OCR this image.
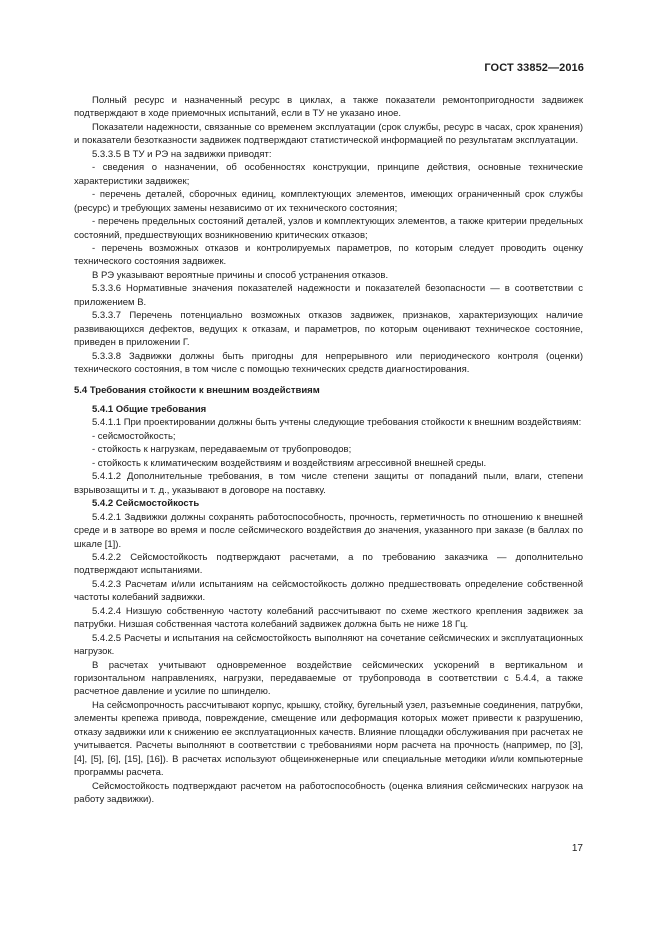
ГОСТ 33852—2016

Полный ресурс и назначенный ресурс в циклах, а также показатели ремонтопригодности задвижек подтверждают в ходе приемочных испытаний, если в ТУ не указано иное.

Показатели надежности, связанные со временем эксплуатации (срок службы, ресурс в часах, срок хранения) и показатели безотказности задвижек подтверждают статистической информацией по результатам эксплуатации.

5.3.3.5 В ТУ и РЭ на задвижки приводят:

- сведения о назначении, об особенностях конструкции, принципе действия, основные технические характеристики задвижек;

- перечень деталей, сборочных единиц, комплектующих элементов, имеющих ограниченный срок службы (ресурс) и требующих замены независимо от их технического состояния;

- перечень предельных состояний деталей, узлов и комплектующих элементов, а также критерии предельных состояний, предшествующих возникновению критических отказов;

- перечень возможных отказов и контролируемых параметров, по которым следует проводить оценку технического состояния задвижек.

В РЭ указывают вероятные причины и способ устранения отказов.

5.3.3.6 Нормативные значения показателей надежности и показателей безопасности — в соответствии с приложением В.

5.3.3.7 Перечень потенциально возможных отказов задвижек, признаков, характеризующих наличие развивающихся дефектов, ведущих к отказам, и параметров, по которым оценивают техническое состояние, приведен в приложении Г.

5.3.3.8 Задвижки должны быть пригодны для непрерывного или периодического контроля (оценки) технического состояния, в том числе с помощью технических средств диагностирования.

5.4 Требования стойкости к внешним воздействиям

5.4.1 Общие требования

5.4.1.1 При проектировании должны быть учтены следующие требования стойкости к внешним воздействиям:

- сейсмостойкость;

- стойкость к нагрузкам, передаваемым от трубопроводов;

- стойкость к климатическим воздействиям и воздействиям агрессивной внешней среды.

5.4.1.2 Дополнительные требования, в том числе степени защиты от попаданий пыли, влаги, степени взрывозащиты и т. д., указывают в договоре на поставку.

5.4.2 Сейсмостойкость

5.4.2.1 Задвижки должны сохранять работоспособность, прочность, герметичность по отношению к внешней среде и в затворе во время и после сейсмического воздействия до значения, указанного при заказе (в баллах по шкале [1]).

5.4.2.2 Сейсмостойкость подтверждают расчетами, а по требованию заказчика — дополнительно подтверждают испытаниями.

5.4.2.3 Расчетам и/или испытаниям на сейсмостойкость должно предшествовать определение собственной частоты колебаний задвижки.

5.4.2.4 Низшую собственную частоту колебаний рассчитывают по схеме жесткого крепления задвижек за патрубки. Низшая собственная частота колебаний задвижек должна быть не ниже 18 Гц.

5.4.2.5 Расчеты и испытания на сейсмостойкость выполняют на сочетание сейсмических и эксплуатационных нагрузок.

В расчетах учитывают одновременное воздействие сейсмических ускорений в вертикальном и горизонтальном направлениях, нагрузки, передаваемые от трубопровода в соответствии с 5.4.4, а также расчетное давление и усилие по шпинделю.

На сейсмопрочность рассчитывают корпус, крышку, стойку, бугельный узел, разъемные соединения, патрубки, элементы крепежа привода, повреждение, смещение или деформация которых может привести к разрушению, отказу задвижки или к снижению ее эксплуатационных качеств. Влияние площадки обслуживания при расчетах не учитывается. Расчеты выполняют в соответствии с требованиями норм расчета на прочность (например, по [3], [4], [5], [6], [15], [16]). В расчетах используют общеинженерные или специальные методики и/или компьютерные программы расчета.

Сейсмостойкость подтверждают расчетом на работоспособность (оценка влияния сейсмических нагрузок на работу задвижки).

17
